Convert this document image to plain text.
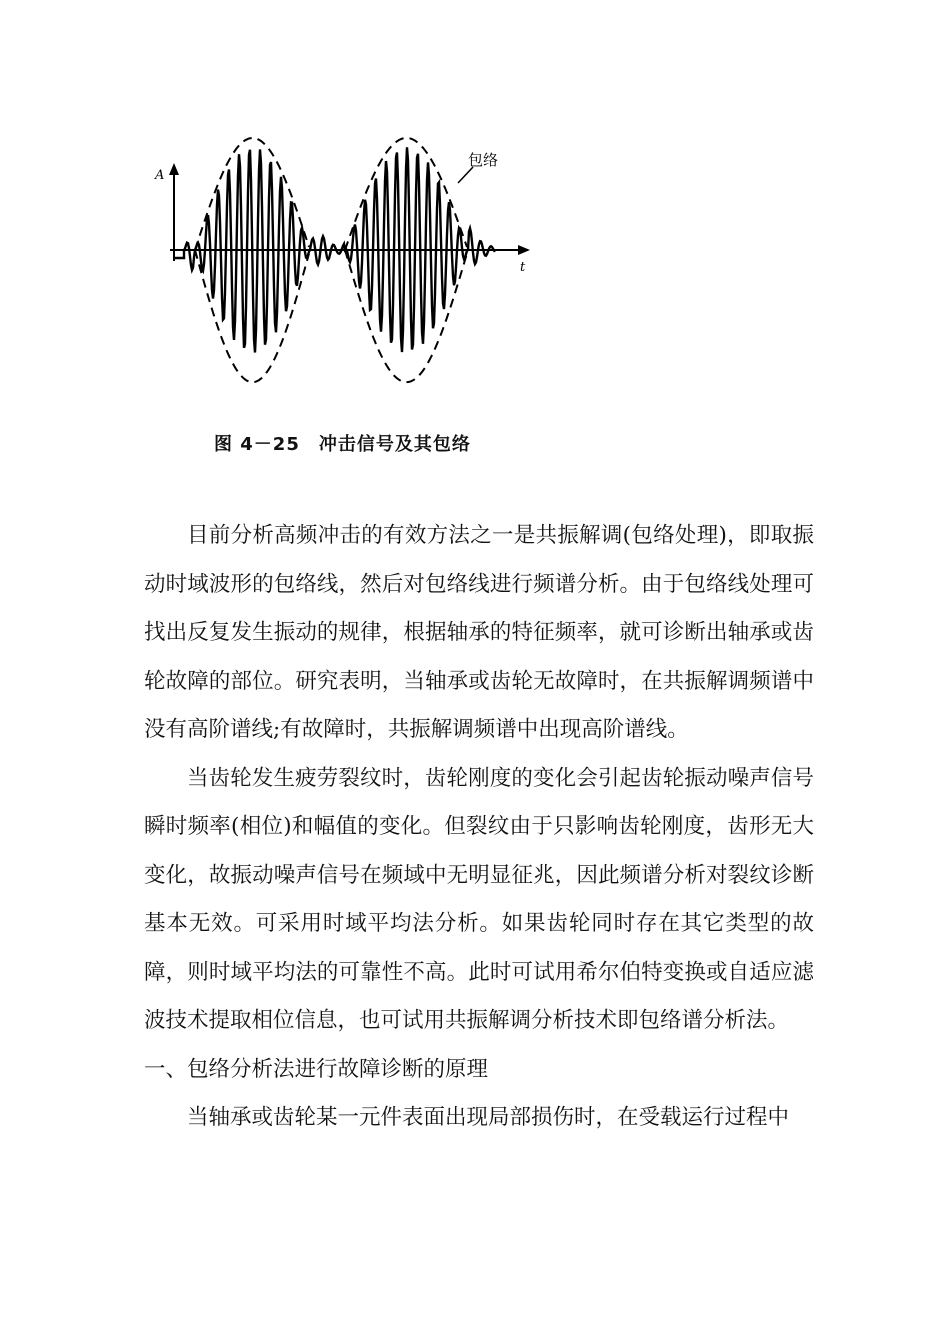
A
t
包络
图 4－25　冲击信号及其包络

目前分析高频冲击的有效方法之一是共振解调(包络处理)，即取振动时域波形的包络线，然后对包络线进行频谱分析。由于包络线处理可找出反复发生振动的规律，根据轴承的特征频率，就可诊断出轴承或齿轮故障的部位。研究表明，当轴承或齿轮无故障时，在共振解调频谱中没有高阶谱线;有故障时，共振解调频谱中出现高阶谱线。

当齿轮发生疲劳裂纹时，齿轮刚度的变化会引起齿轮振动噪声信号瞬时频率(相位)和幅值的变化。但裂纹由于只影响齿轮刚度，齿形无大变化，故振动噪声信号在频域中无明显征兆，因此频谱分析对裂纹诊断基本无效。可采用时域平均法分析。如果齿轮同时存在其它类型的故障，则时域平均法的可靠性不高。此时可试用希尔伯特变换或自适应滤波技术提取相位信息，也可试用共振解调分析技术即包络谱分析法。

一、包络分析法进行故障诊断的原理

当轴承或齿轮某一元件表面出现局部损伤时，在受载运行过程中
